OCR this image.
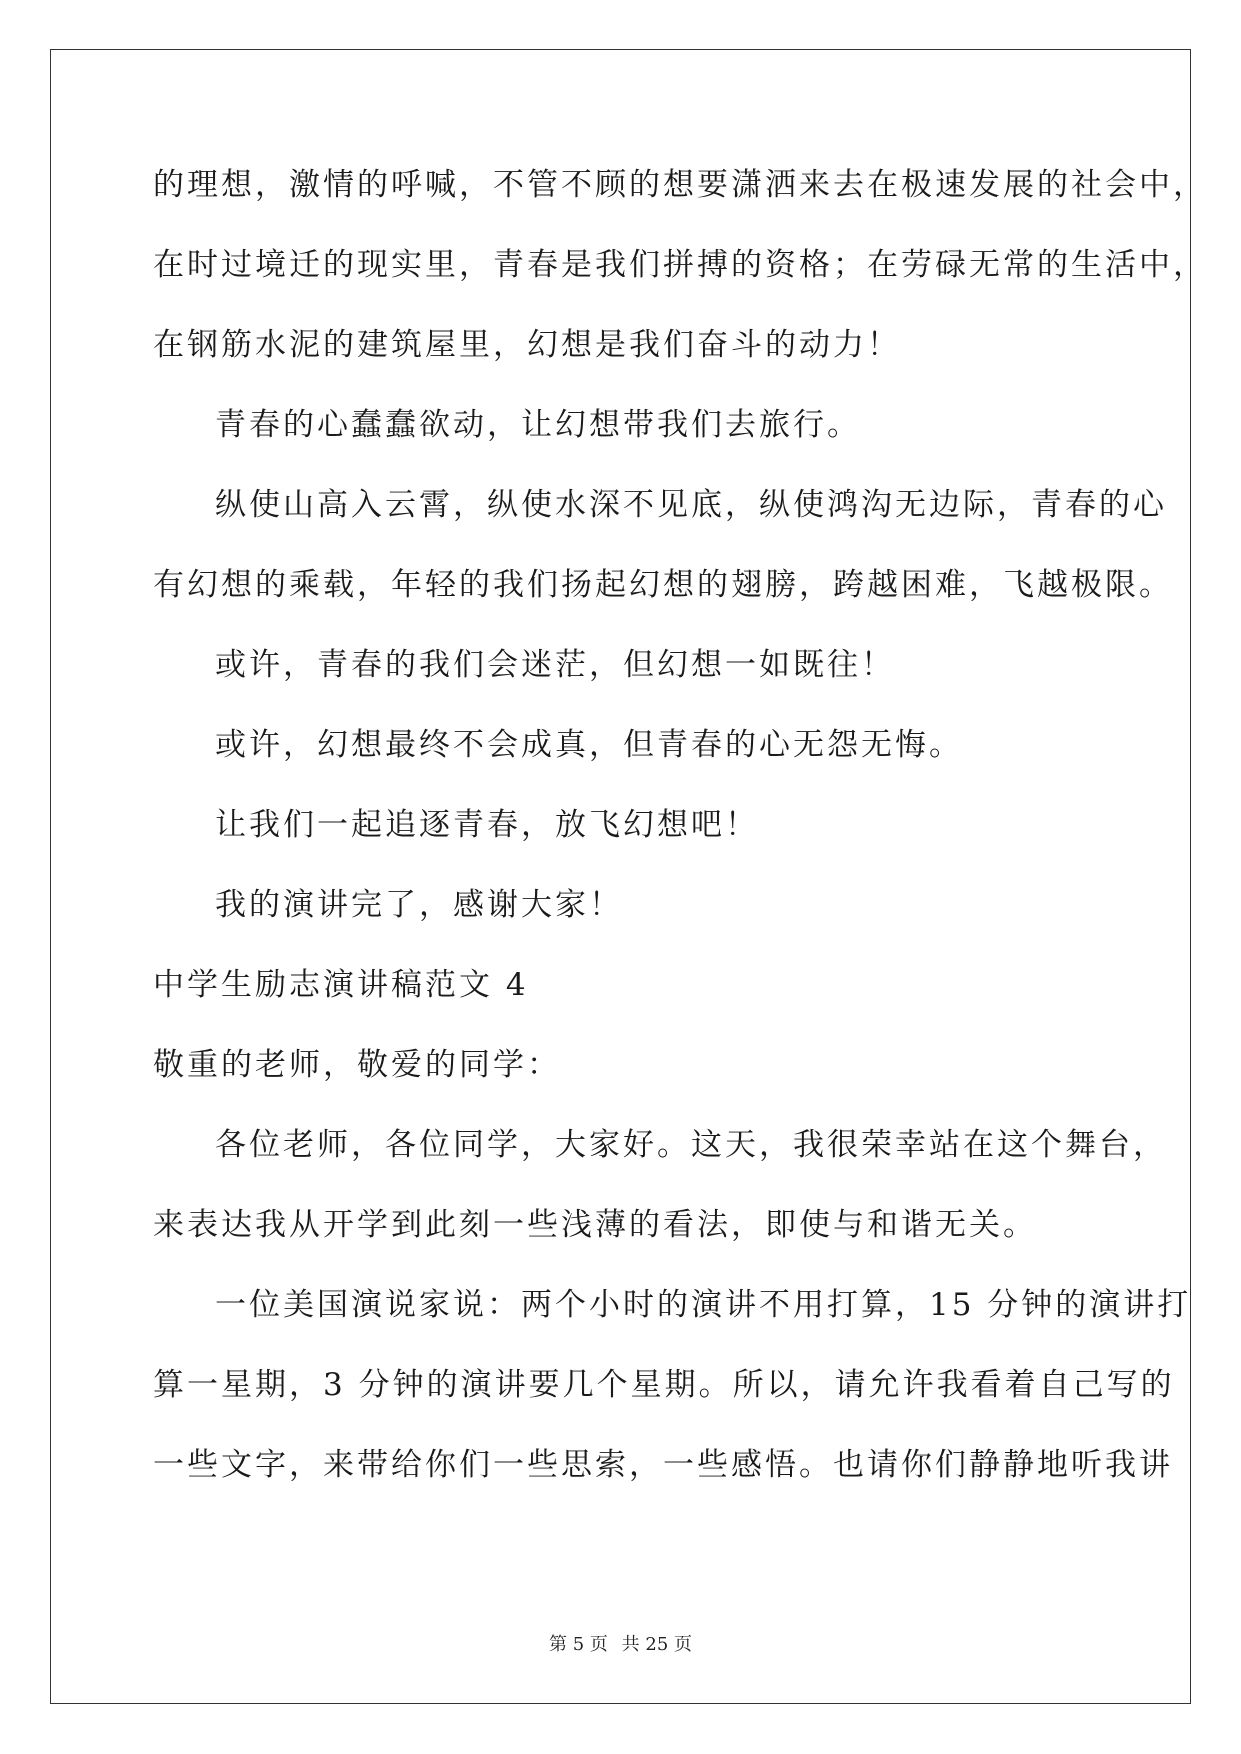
的理想，激情的呼喊，不管不顾的想要潇洒来去在极速发展的社会中，
在时过境迁的现实里，青春是我们拼搏的资格；在劳碌无常的生活中，
在钢筋水泥的建筑屋里，幻想是我们奋斗的动力！
青春的心蠢蠢欲动，让幻想带我们去旅行。
纵使山高入云霄，纵使水深不见底，纵使鸿沟无边际，青春的心
有幻想的乘载，年轻的我们扬起幻想的翅膀，跨越困难，飞越极限。
或许，青春的我们会迷茫，但幻想一如既往！
或许，幻想最终不会成真，但青春的心无怨无悔。
让我们一起追逐青春，放飞幻想吧！
我的演讲完了，感谢大家！
中学生励志演讲稿范文 4
敬重的老师，敬爱的同学：
各位老师，各位同学，大家好。这天，我很荣幸站在这个舞台，
来表达我从开学到此刻一些浅薄的看法，即使与和谐无关。
一位美国演说家说：两个小时的演讲不用打算，15 分钟的演讲打
算一星期，3 分钟的演讲要几个星期。所以，请允许我看着自己写的
一些文字，来带给你们一些思索，一些感悟。也请你们静静地听我讲
第 5 页 共 25 页
